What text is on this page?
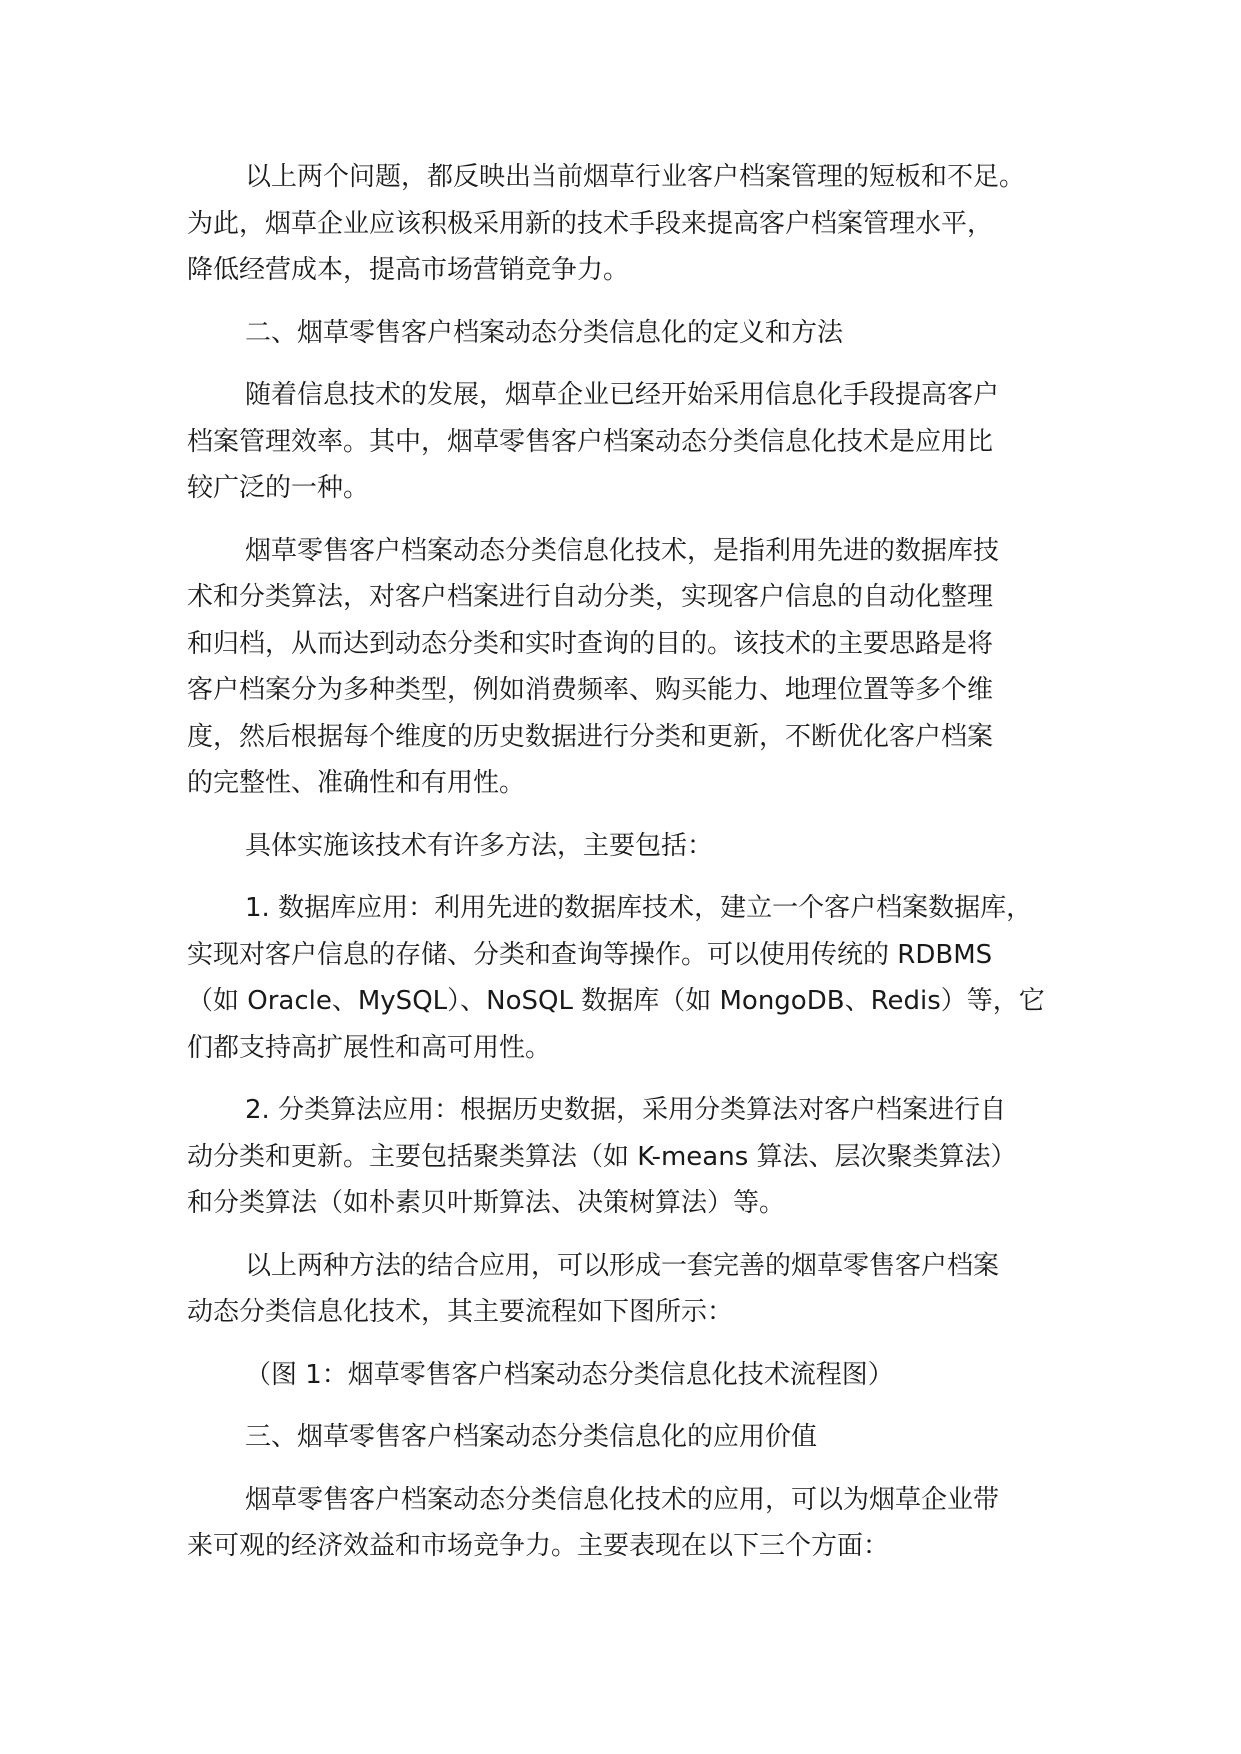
以上两个问题，都反映出当前烟草行业客户档案管理的短板和不足。
为此，烟草企业应该积极采用新的技术手段来提高客户档案管理水平，
降低经营成本，提高市场营销竞争力。

二、烟草零售客户档案动态分类信息化的定义和方法

随着信息技术的发展，烟草企业已经开始采用信息化手段提高客户
档案管理效率。其中，烟草零售客户档案动态分类信息化技术是应用比
较广泛的一种。

烟草零售客户档案动态分类信息化技术，是指利用先进的数据库技
术和分类算法，对客户档案进行自动分类，实现客户信息的自动化整理
和归档，从而达到动态分类和实时查询的目的。该技术的主要思路是将
客户档案分为多种类型，例如消费频率、购买能力、地理位置等多个维
度，然后根据每个维度的历史数据进行分类和更新，不断优化客户档案
的完整性、准确性和有用性。

具体实施该技术有许多方法，主要包括：

1. 数据库应用：利用先进的数据库技术，建立一个客户档案数据库，
实现对客户信息的存储、分类和查询等操作。可以使用传统的 RDBMS
（如 Oracle、MySQL）、NoSQL 数据库（如 MongoDB、Redis）等，它
们都支持高扩展性和高可用性。

2. 分类算法应用：根据历史数据，采用分类算法对客户档案进行自
动分类和更新。主要包括聚类算法（如 K-means 算法、层次聚类算法）
和分类算法（如朴素贝叶斯算法、决策树算法）等。

以上两种方法的结合应用，可以形成一套完善的烟草零售客户档案
动态分类信息化技术，其主要流程如下图所示：

（图 1：烟草零售客户档案动态分类信息化技术流程图）

三、烟草零售客户档案动态分类信息化的应用价值

烟草零售客户档案动态分类信息化技术的应用，可以为烟草企业带
来可观的经济效益和市场竞争力。主要表现在以下三个方面：
